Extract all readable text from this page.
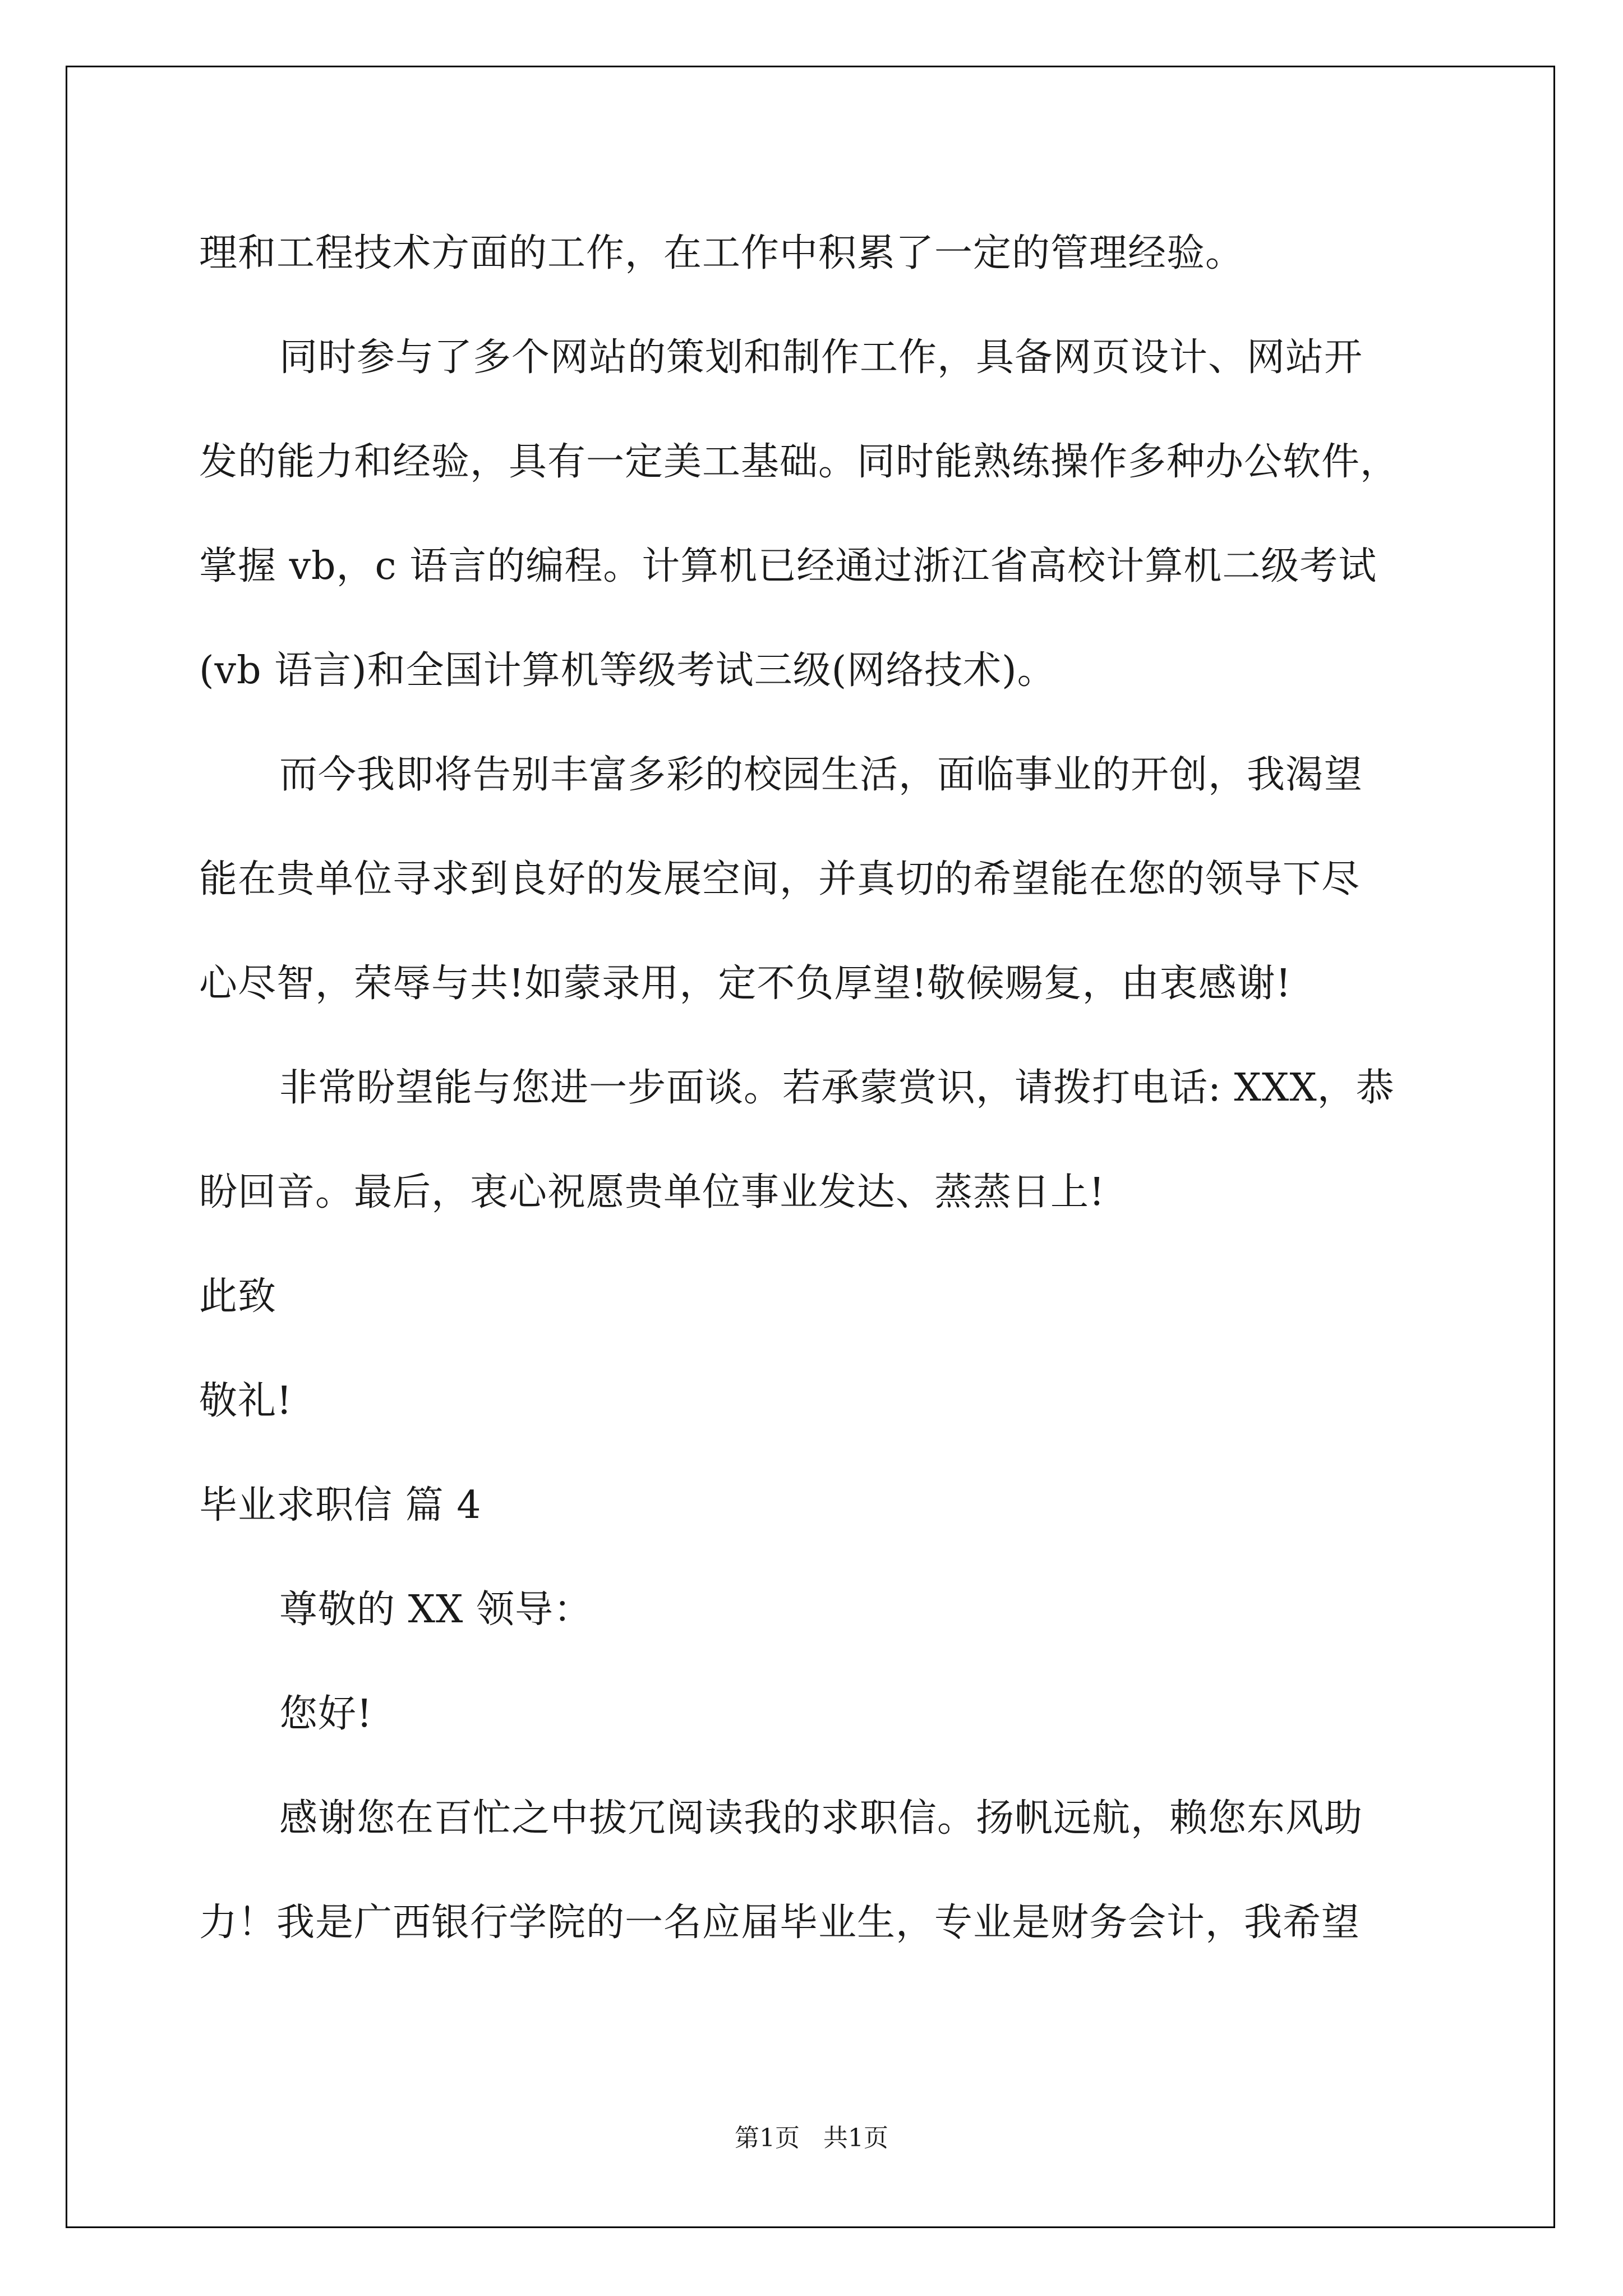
理和工程技术方面的工作，在工作中积累了一定的管理经验。
同时参与了多个网站的策划和制作工作，具备网页设计、网站开
发的能力和经验，具有一定美工基础。同时能熟练操作多种办公软件，
掌握 vb，c 语言的编程。计算机已经通过浙江省高校计算机二级考试
(vb 语言)和全国计算机等级考试三级(网络技术)。
而今我即将告别丰富多彩的校园生活，面临事业的开创，我渴望
能在贵单位寻求到良好的发展空间，并真切的希望能在您的领导下尽
心尽智，荣辱与共!如蒙录用，定不负厚望!敬候赐复，由衷感谢!
非常盼望能与您进一步面谈。若承蒙赏识，请拨打电话: XXX，恭
盼回音。最后，衷心祝愿贵单位事业发达、蒸蒸日上!
此致
敬礼!
毕业求职信 篇 4
尊敬的 XX 领导：
您好!
感谢您在百忙之中拔冗阅读我的求职信。扬帆远航，赖您东风助
力！我是广西银行学院的一名应届毕业生，专业是财务会计，我希望
第1页   共1页
